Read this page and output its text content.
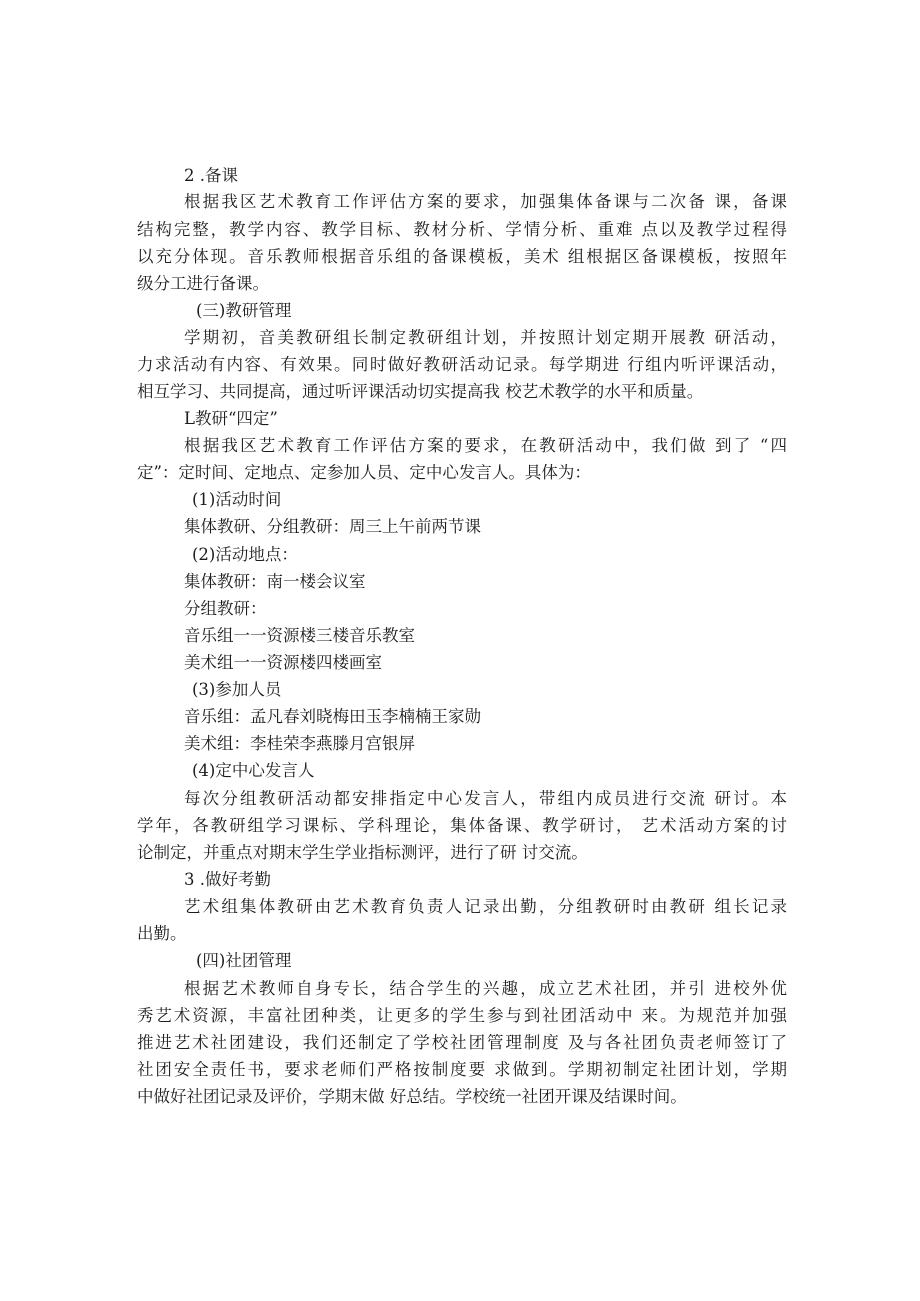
2 .备课
根据我区艺术教育工作评估方案的要求，加强集体备课与二次备 课，备课
结构完整，教学内容、教学目标、教材分析、学情分析、重难 点以及教学过程得
以充分体现。音乐教师根据音乐组的备课模板，美术 组根据区备课模板，按照年
级分工进行备课。
(三)教研管理
学期初，音美教研组长制定教研组计划，并按照计划定期开展教 研活动，
力求活动有内容、有效果。同时做好教研活动记录。每学期进 行组内听评课活动，
相互学习、共同提高，通过听评课活动切实提高我 校艺术教学的水平和质量。
L教研“四定”
根据我区艺术教育工作评估方案的要求，在教研活动中，我们做 到了 “四
定”：定时间、定地点、定参加人员、定中心发言人。具体为：
(1)活动时间
集体教研、分组教研：周三上午前两节课
(2)活动地点：
集体教研：南一楼会议室
分组教研：
音乐组一一资源楼三楼音乐教室
美术组一一资源楼四楼画室
(3)参加人员
音乐组：孟凡春刘晓梅田玉李楠楠王家勋
美术组：李桂荣李燕滕月宫银屏
(4)定中心发言人
每次分组教研活动都安排指定中心发言人，带组内成员进行交流 研讨。本
学年，各教研组学习课标、学科理论，集体备课、教学研讨， 艺术活动方案的讨
论制定，并重点对期末学生学业指标测评，进行了研 讨交流。
3 .做好考勤
艺术组集体教研由艺术教育负责人记录出勤，分组教研时由教研 组长记录
出勤。
(四)社团管理
根据艺术教师自身专长，结合学生的兴趣，成立艺术社团，并引 进校外优
秀艺术资源，丰富社团种类，让更多的学生参与到社团活动中 来。为规范并加强
推进艺术社团建设，我们还制定了学校社团管理制度 及与各社团负责老师签订了
社团安全责任书，要求老师们严格按制度要 求做到。学期初制定社团计划，学期
中做好社团记录及评价，学期末做 好总结。学校统一社团开课及结课时间。
